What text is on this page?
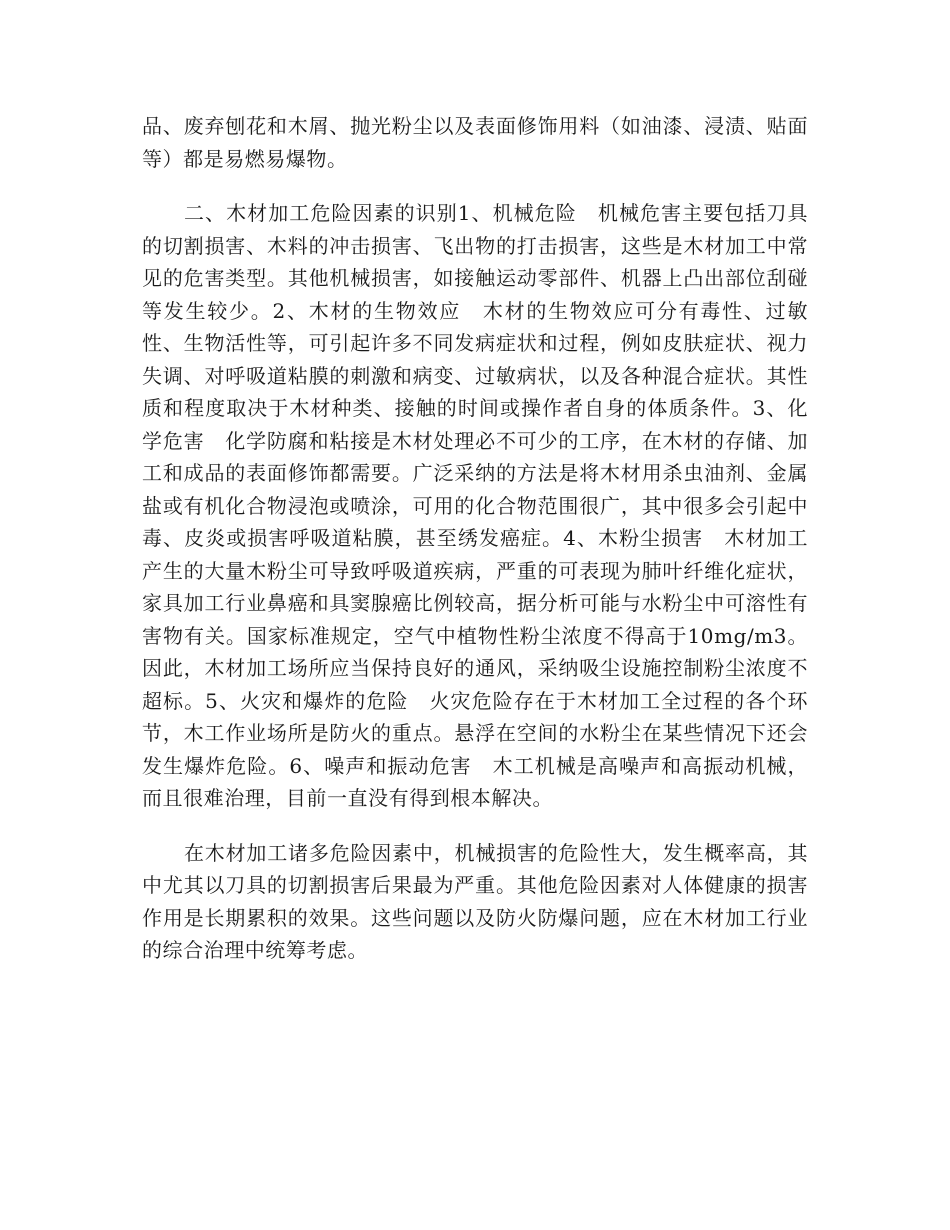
品、废弃刨花和木屑、抛光粉尘以及表面修饰用料（如油漆、浸渍、贴面等）都是易燃易爆物。

二、木材加工危险因素的识别1、机械危险　机械危害主要包括刀具的切割损害、木料的冲击损害、飞出物的打击损害，这些是木材加工中常见的危害类型。其他机械损害，如接触运动零部件、机器上凸出部位刮碰等发生较少。2、木材的生物效应　木材的生物效应可分有毒性、过敏性、生物活性等，可引起许多不同发病症状和过程，例如皮肤症状、视力失调、对呼吸道粘膜的刺激和病变、过敏病状，以及各种混合症状。其性质和程度取决于木材种类、接触的时间或操作者自身的体质条件。3、化学危害　化学防腐和粘接是木材处理必不可少的工序，在木材的存储、加工和成品的表面修饰都需要。广泛采纳的方法是将木材用杀虫油剂、金属盐或有机化合物浸泡或喷涂，可用的化合物范围很广，其中很多会引起中毒、皮炎或损害呼吸道粘膜，甚至绣发癌症。4、木粉尘损害　木材加工产生的大量木粉尘可导致呼吸道疾病，严重的可表现为肺叶纤维化症状，家具加工行业鼻癌和具窦腺癌比例较高，据分析可能与水粉尘中可溶性有害物有关。国家标准规定，空气中植物性粉尘浓度不得高于10mg/m3。因此，木材加工场所应当保持良好的通风，采纳吸尘设施控制粉尘浓度不超标。5、火灾和爆炸的危险　火灾危险存在于木材加工全过程的各个环节，木工作业场所是防火的重点。悬浮在空间的水粉尘在某些情况下还会发生爆炸危险。6、噪声和振动危害　木工机械是高噪声和高振动机械，而且很难治理，目前一直没有得到根本解决。

在木材加工诸多危险因素中，机械损害的危险性大，发生概率高，其中尤其以刀具的切割损害后果最为严重。其他危险因素对人体健康的损害作用是长期累积的效果。这些问题以及防火防爆问题，应在木材加工行业的综合治理中统筹考虑。
